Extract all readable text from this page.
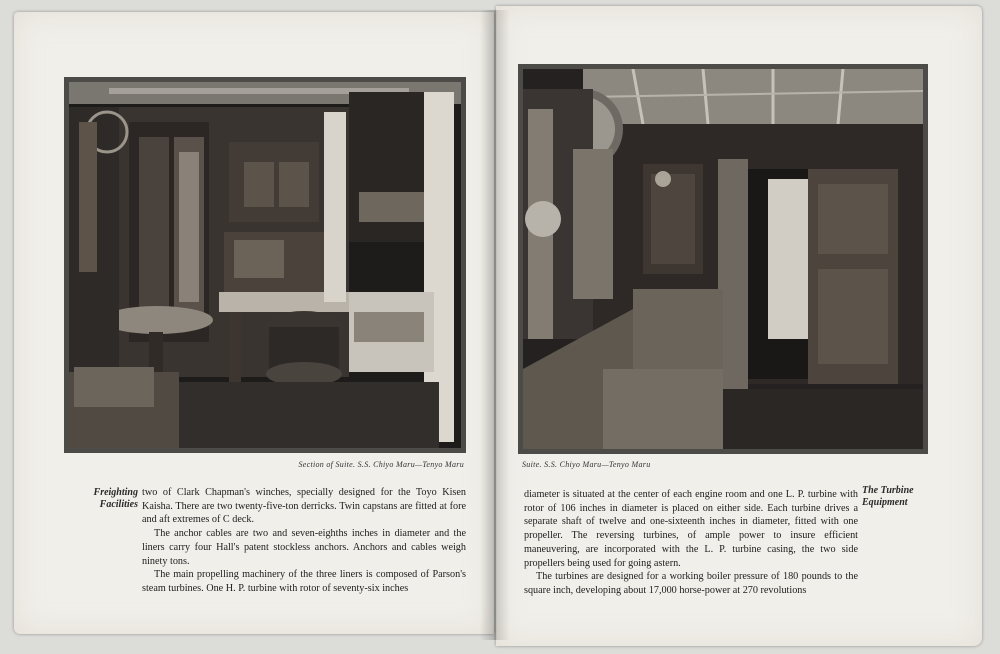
Section of Suite. S.S. Chiyo Maru—Tenyo Maru	Suite. S.S. Chiyo Maru—Tenyo Maru
Freighting
Facilities

two of Clark Chapman's winches, specially designed for the Toyo Kisen Kaisha. There are two twenty-five-ton derricks. Twin capstans are fitted at fore and aft extremes of C deck.

The anchor cables are two and seven-eighths inches in diameter and the liners carry four Hall's patent stockless anchors. Anchors and cables weigh ninety tons.

The main propelling machinery of the three liners is composed of Parson's steam turbines. One H. P. turbine with rotor of seventy-six inches

diameter is situated at the center of each engine room and one L. P. turbine with rotor of 106 inches in diameter is placed on either side. Each turbine drives a separate shaft of twelve and one-sixteenth inches in diameter, fitted with one propeller. The reversing turbines, of ample power to insure efficient maneuvering, are incorporated with the L. P. turbine casing, the two side propellers being used for going astern.

The turbines are designed for a working boiler pressure of 180 pounds to the square inch, developing about 17,000 horse-power at 270 revolutions

The Turbine
Equipment
